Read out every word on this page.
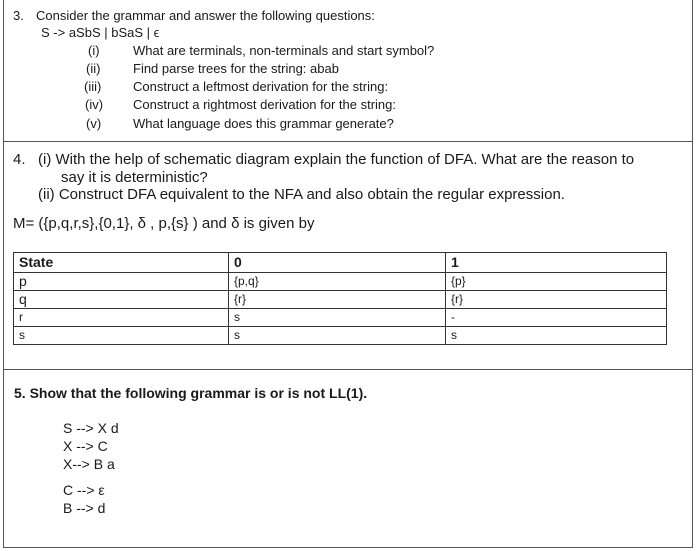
3. Consider the grammar and answer the following questions:
S -> aSbS | bSaS | ϵ
(i)	What are terminals, non-terminals and start symbol?
(ii)	Find parse trees for the string: abab
(iii) Construct a leftmost derivation for the string:
(iv) Construct a rightmost derivation for the string:
(v) What language does this grammar generate?
4. (i) With the help of schematic diagram explain the function of DFA. What are the reason to
say it is deterministic?
(ii) Construct DFA equivalent to the NFA and also obtain the regular expression.
M= ({p,q,r,s},{0,1}, δ , p,{s} ) and δ is given by
State	0	1
p	{p,q}	{p}
q	{r}	{r}
r	s	-
s	s	s
5. Show that the following grammar is or is not LL(1).
S --> X d
X --> C
X--> B a
C --> ε
B --> d
